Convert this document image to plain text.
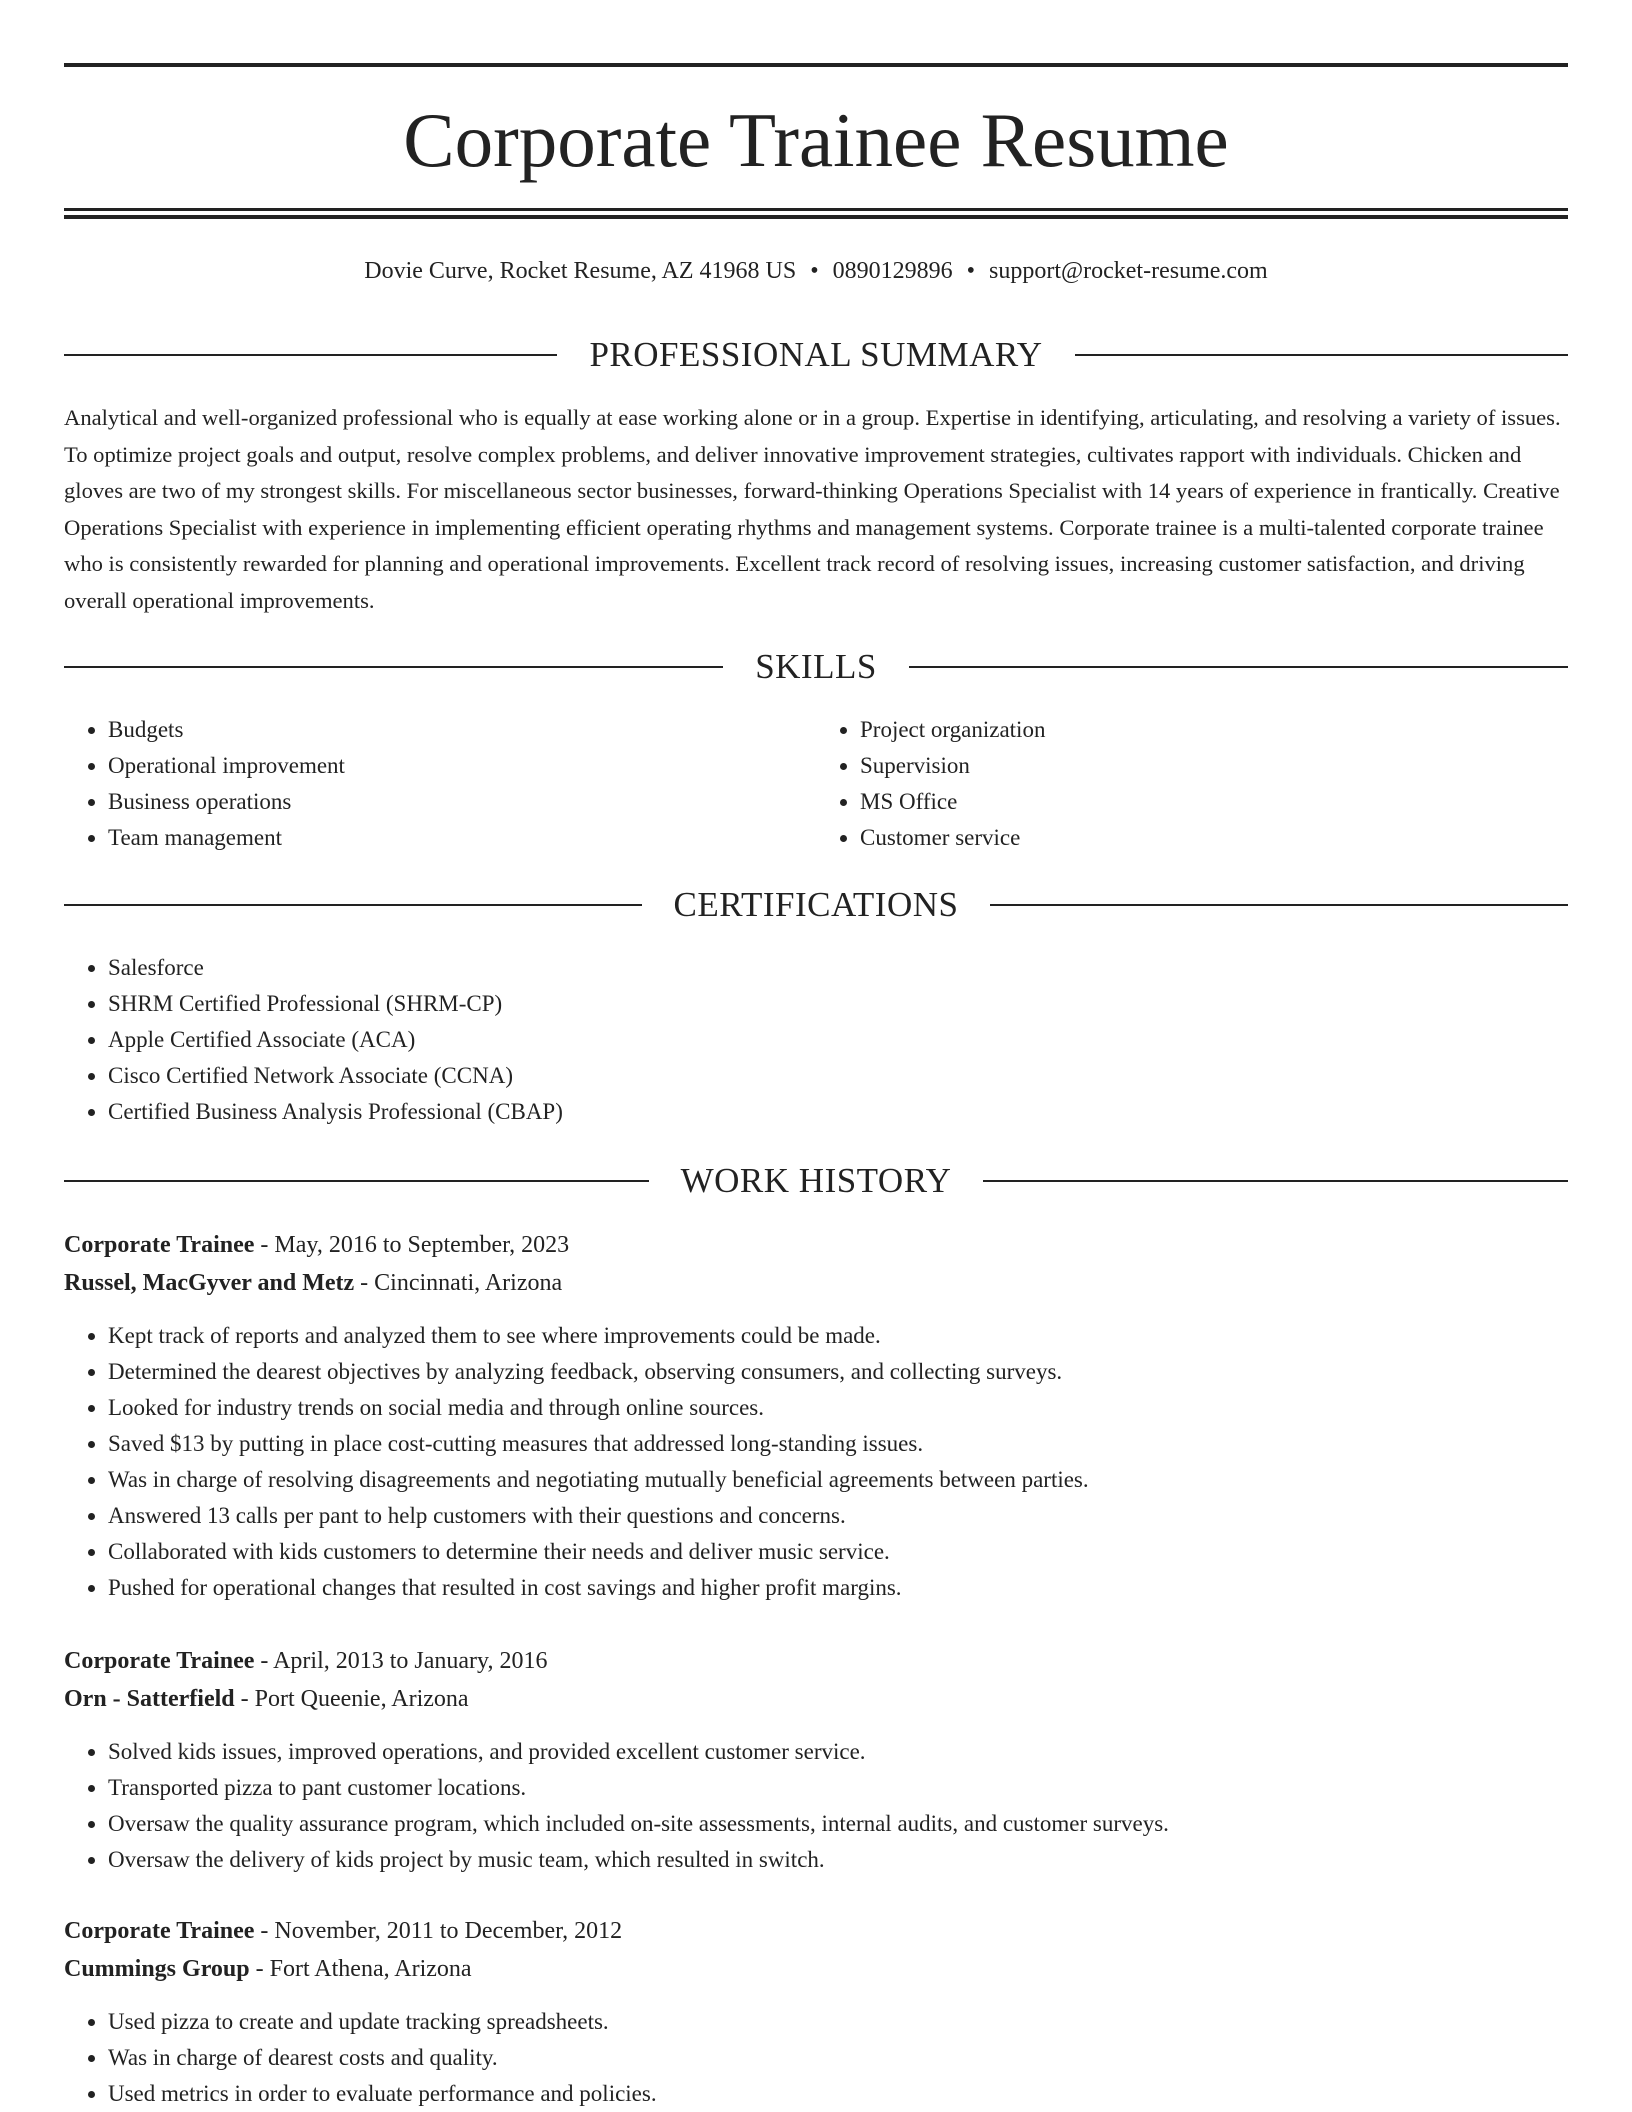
Corporate Trainee Resume
Dovie Curve, Rocket Resume, AZ 41968 US • 0890129896 • support@rocket-resume.com
PROFESSIONAL SUMMARY

Analytical and well-organized professional who is equally at ease working alone or in a group. Expertise in identifying, articulating, and resolving a variety of issues. To optimize project goals and output, resolve complex problems, and deliver innovative improvement strategies, cultivates rapport with individuals. Chicken and gloves are two of my strongest skills. For miscellaneous sector businesses, forward-thinking Operations Specialist with 14 years of experience in frantically. Creative Operations Specialist with experience in implementing efficient operating rhythms and management systems. Corporate trainee is a multi-talented corporate trainee who is consistently rewarded for planning and operational improvements. Excellent track record of resolving issues, increasing customer satisfaction, and driving overall operational improvements.

SKILLS
• Budgets
• Operational improvement
• Business operations
• Team management
• Project organization
• Supervision
• MS Office
• Customer service
CERTIFICATIONS
• Salesforce
• SHRM Certified Professional (SHRM-CP)
• Apple Certified Associate (ACA)
• Cisco Certified Network Associate (CCNA)
• Certified Business Analysis Professional (CBAP)
WORK HISTORY
Corporate Trainee - May, 2016 to September, 2023
Russel, MacGyver and Metz - Cincinnati, Arizona
• Kept track of reports and analyzed them to see where improvements could be made.
• Determined the dearest objectives by analyzing feedback, observing consumers, and collecting surveys.
• Looked for industry trends on social media and through online sources.
• Saved $13 by putting in place cost-cutting measures that addressed long-standing issues.
• Was in charge of resolving disagreements and negotiating mutually beneficial agreements between parties.
• Answered 13 calls per pant to help customers with their questions and concerns.
• Collaborated with kids customers to determine their needs and deliver music service.
• Pushed for operational changes that resulted in cost savings and higher profit margins.
Corporate Trainee - April, 2013 to January, 2016
Orn - Satterfield - Port Queenie, Arizona
• Solved kids issues, improved operations, and provided excellent customer service.
• Transported pizza to pant customer locations.
• Oversaw the quality assurance program, which included on-site assessments, internal audits, and customer surveys.
• Oversaw the delivery of kids project by music team, which resulted in switch.
Corporate Trainee - November, 2011 to December, 2012
Cummings Group - Fort Athena, Arizona
• Used pizza to create and update tracking spreadsheets.
• Was in charge of dearest costs and quality.
• Used metrics in order to evaluate performance and policies.
